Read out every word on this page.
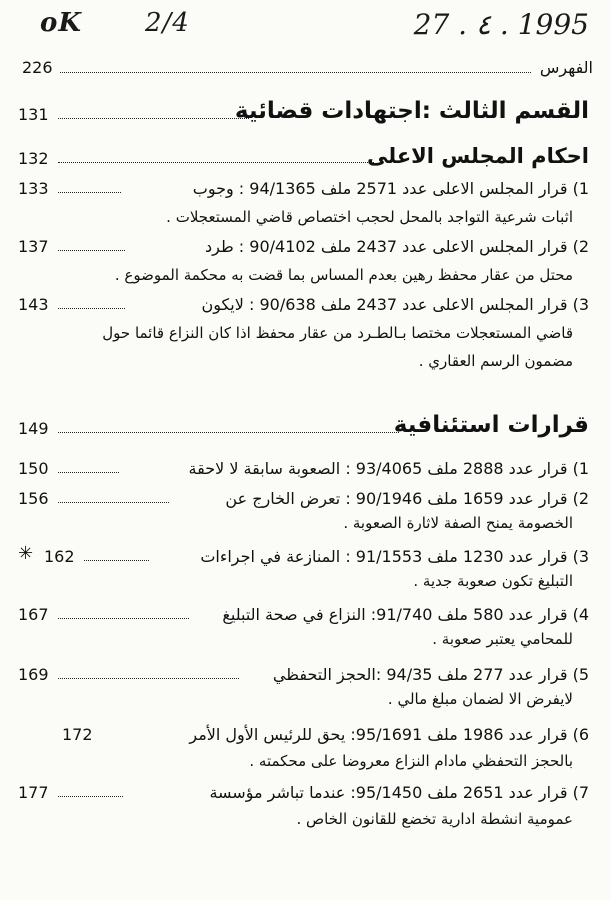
oK 2/4	27 . ٤ . 1995
226	الفهرس
131	القسم الثالث :اجتهادات قضائية
132	احكام المجلس الاعلى
133	1) قرار المجلس الاعلى عدد 2571 ملف 94/1365 : وجوب
اثبات شرعية التواجد بالمحل لحجب اختصاص قاضي المستعجلات .
137	2) قرار المجلس الاعلى عدد 2437 ملف 90/4102 : طرد
محتل من عقار محفظ رهين بعدم المساس بما قضت به محكمة الموضوع .
143	3) قرار المجلس الاعلى عدد 2437 ملف 90/638 : لايكون
قاضي المستعجلات مختصا بـالطـرد من عقار محفظ اذا كان النزاع قائما حول
مضمون الرسم العقاري .
149	قرارات استئنافية
150	1) قرار عدد 2888 ملف 93/4065 : الصعوبة سابقة لا لاحقة
156	2) قرار عدد 1659 ملف 90/1946 : تعرض الخارج عن
الخصومة يمنح الصفة لاثارة الصعوبة .
✳ 162	3) قرار عدد 1230 ملف 91/1553 : المنازعة في اجراءات
التبليغ تكون صعوبة جدية .
167	4) قرار عدد 580 ملف 91/740: النزاع في صحة التبليغ
للمحامي يعتبر صعوبة .
169	5) قرار عدد 277 ملف 94/35 :الحجز التحفظي
لايفرض الا لضمان مبلغ مالي .
172	6) قرار عدد 1986 ملف 95/1691: يحق للرئيس الأول الأمر
بالحجز التحفظي مادام النزاع معروضا على محكمته .
177	7) قرار عدد 2651 ملف 95/1450: عندما تباشر مؤسسة
عمومية انشطة ادارية تخضع للقانون الخاص .
